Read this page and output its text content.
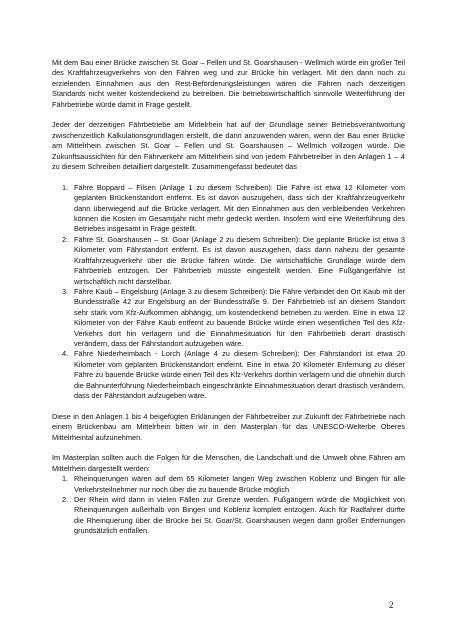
Mit dem Bau einer Brücke zwischen St. Goar – Fellen und St. Goarshausen - Wellmich würde ein großer Teil des Kraftfahrzeugverkehrs von den Fähren weg und zur Brücke hin verlagert. Mit den dann noch zu erzielenden Einnahmen aus den Rest-Beförderungsleistungen wären die Fähren nach derzeitigen Standards nicht weiter kostendeckend zu betreiben. Die betriebswirtschaftlich sinnvolle Weiterführung der Fährbetriebe würde damit in Frage gestellt.

Jeder der derzeitigen Fährbetriebe am Mittelrhein hat auf der Grundlage seiner Betriebsverantwortung zwischenzeitlich Kalkulationsgrundlagen erstellt, die dann anzuwenden wären, wenn der Bau einer Brücke am Mittelrhein zwischen St. Goar – Fellen und St. Goarshausen – Wellmich vollzogen würde. Die Zukunftsaussichten für den Fährverkehr am Mittelrhein sind von jedem Fährbetreiber in den Anlagen 1 – 4 zu diesem Schreiben detailliert dargestellt. Zusammengefasst bedeutet das

1. Fähre Boppard – Filsen (Anlage 1 zu diesem Schreiben): Die Fähre ist etwa 12 Kilometer vom geplanten Brückenstandort entfernt. Es ist davon auszugehen, dass sich der Kraftfahrzeugverkehr dann überwiegend auf die Brücke verlagert. Mit den Einnahmen aus den verbleibenden Verkehren können die Kosten im Gesamtjahr nicht mehr gedeckt werden. Insofern wird eine Weiterführung des Betriebes insgesamt in Frage gestellt.
2. Fähre St. Goarshausen – St. Goar (Anlage 2 zu diesem Schreiben): Die geplante Brücke ist etwa 3 Kilometer vom Fährstandort entfernt. Es ist davon auszugehen, dass dann nahezu der gesamte Kraftfahrzeugverkehr über die Brücke fahren würde. Die wirtschaftliche Grundlage würde dem Fährbetrieb entzogen. Der Fährbetrieb müsste eingestellt werden. Eine Fußgängerfähre ist wirtschaftlich nicht darstellbar.
3. Fähre Kaub – Engelsburg (Anlage 3 zu diesem Schreiben): Die Fähre verbindet den Ort Kaub mit der Bundesstraße 42 zur Engelsburg an der Bundesstraße 9. Der Fährbetrieb ist an diesem Standort sehr stark vom Kfz-Aufkommen abhängig, um kostendeckend betrieben zu werden. Eine in etwa 12 Kilometer von der Fähre Kaub entfernt zu bauende Brücke würde einen wesentlichen Teil des Kfz-Verkehrs dort hin verlagern und die Einnahmesituation für den Fährbetrieb derart drastisch verändern, dass der Fährstandort aufzugeben wäre.
4. Fähre Niederheimbach - Lorch (Anlage 4 zu diesem Schreiben): Der Fährstandort ist etwa 20 Kilometer vom geplanten Brückenstandort entfernt. Eine in etwa 20 Kilometer Enfernung zu dieser Fähre zu bauende Brücke würde einen Teil des Kfz-Verkehrs dorthin verlagern und die ohnehin durch die Bahnunterführung Niederheimbach eingeschränkte Einnahmesituation derart drastisch verändern, dass der Fährstandort aufzugeben wäre.

Diese in den Anlagen 1 bis 4 beigefügten Erklärungen der Fährbetreiber zur Zukunft der Fährbetriebe nach einem Brückenbau am Mittelrhein bitten wir in den Masterplan für das UNESCO-Welterbe Oberes Mittelrheintal aufzunehmen.

Im Masterplan sollten auch die Folgen für die Menschen, die Landschaft und die Umwelt ohne Fähren am Mittelrhein dargestellt werden:

1. Rheinquerungen wären auf dem 65 Kilometer langen Weg zwischen Koblenz und Bingen für alle Verkehrsteilnehmer nur noch über die zu bauende Brücke möglich
2. Der Rhein wird dann in vielen Fällen zur Grenze werden. Fußgängern würde die Möglichkeit von Rheinquerungen außerhalb von Bingen und Koblenz komplett entzogen. Auch für Radfahrer dürfte die Rheinquerung über die Brücke bei St. Goar/St. Goarshausen wegen dann großer Entfernungen grundsätzlich entfallen.
2
